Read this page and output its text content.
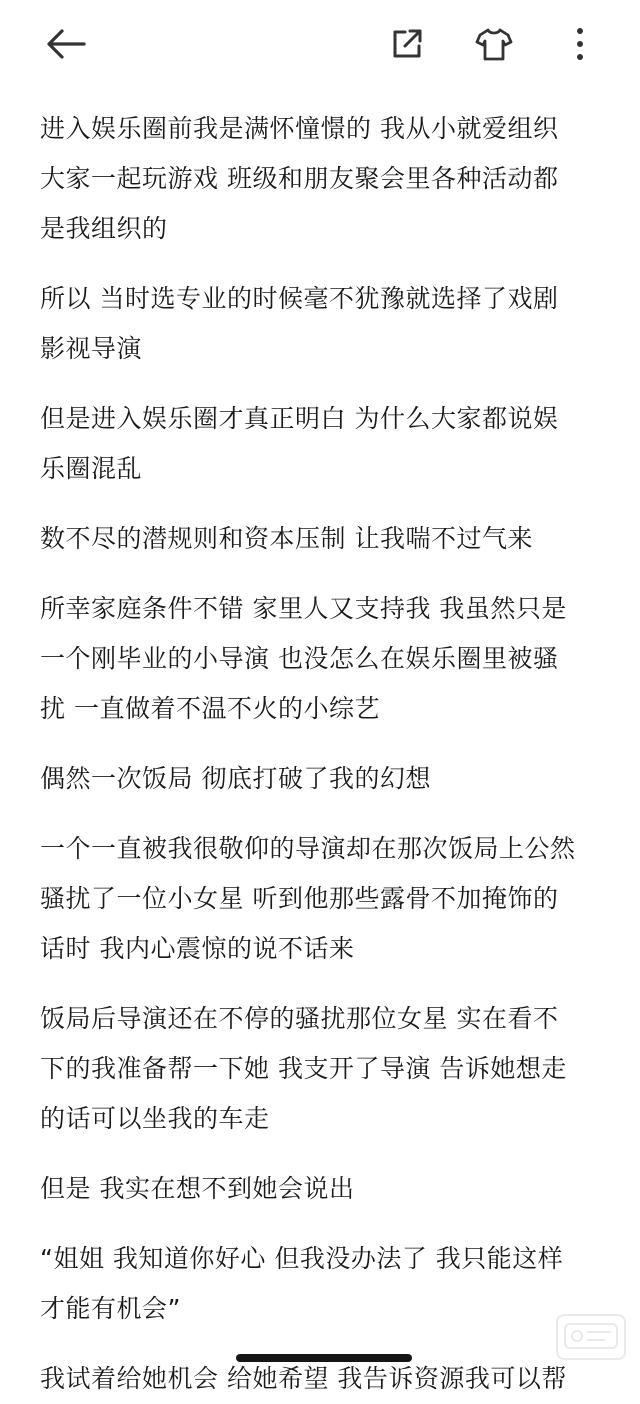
进入娱乐圈前我是满怀憧憬的 我从小就爱组织
大家一起玩游戏 班级和朋友聚会里各种活动都
是我组织的

所以 当时选专业的时候毫不犹豫就选择了戏剧
影视导演

但是进入娱乐圈才真正明白 为什么大家都说娱
乐圈混乱

数不尽的潜规则和资本压制 让我喘不过气来

所幸家庭条件不错 家里人又支持我 我虽然只是
一个刚毕业的小导演 也没怎么在娱乐圈里被骚
扰 一直做着不温不火的小综艺

偶然一次饭局 彻底打破了我的幻想

一个一直被我很敬仰的导演却在那次饭局上公然
骚扰了一位小女星 听到他那些露骨不加掩饰的
话时 我内心震惊的说不话来

饭局后导演还在不停的骚扰那位女星 实在看不
下的我准备帮一下她 我支开了导演 告诉她想走
的话可以坐我的车走

但是 我实在想不到她会说出

“姐姐 我知道你好心 但我没办法了 我只能这样
才能有机会”

我试着给她机会 给她希望 我告诉资源我可以帮
